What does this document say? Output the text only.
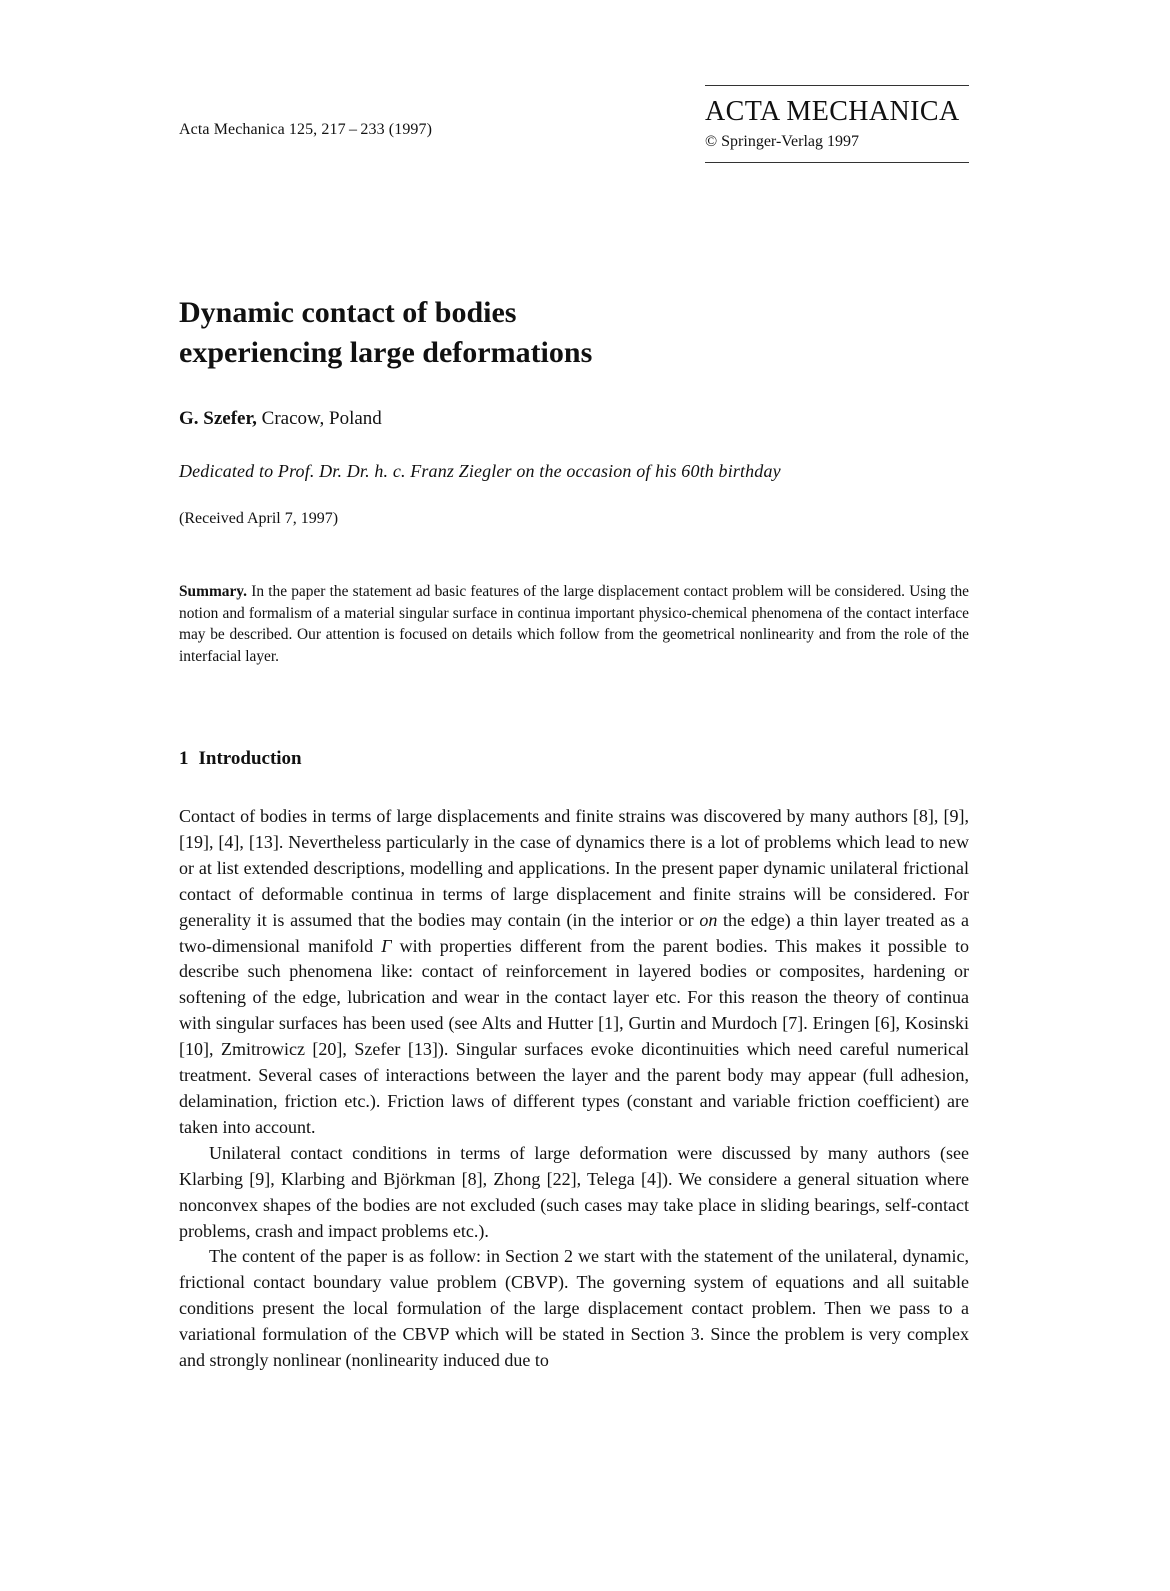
Acta Mechanica 125, 217 – 233 (1997)
ACTA MECHANICA
© Springer-Verlag 1997
Dynamic contact of bodies
experiencing large deformations
G. Szefer, Cracow, Poland
Dedicated to Prof. Dr. Dr. h. c. Franz Ziegler on the occasion of his 60th birthday
(Received April 7, 1997)

Summary. In the paper the statement ad basic features of the large displacement contact problem will be considered. Using the notion and formalism of a material singular surface in continua important physico-chemical phenomena of the contact interface may be described. Our attention is focused on details which follow from the geometrical nonlinearity and from the role of the interfacial layer.

1 Introduction

Contact of bodies in terms of large displacements and finite strains was discovered by many authors [8], [9], [19], [4], [13]. Nevertheless particularly in the case of dynamics there is a lot of problems which lead to new or at list extended descriptions, modelling and applications. In the present paper dynamic unilateral frictional contact of deformable continua in terms of large displacement and finite strains will be considered. For generality it is assumed that the bodies may contain (in the interior or on the edge) a thin layer treated as a two-dimensional manifold Γ with properties different from the parent bodies. This makes it possible to describe such phenomena like: contact of reinforcement in layered bodies or composites, hardening or softening of the edge, lubrication and wear in the contact layer etc. For this reason the theory of continua with singular surfaces has been used (see Alts and Hutter [1], Gurtin and Murdoch [7]. Eringen [6], Kosinski [10], Zmitrowicz [20], Szefer [13]). Singular surfaces evoke dicontinuities which need careful numerical treatment. Several cases of interactions between the layer and the parent body may appear (full adhesion, delamination, friction etc.). Friction laws of different types (constant and variable friction coefficient) are taken into account.

Unilateral contact conditions in terms of large deformation were discussed by many authors (see Klarbing [9], Klarbing and Björkman [8], Zhong [22], Telega [4]). We considere a general situation where nonconvex shapes of the bodies are not excluded (such cases may take place in sliding bearings, self-contact problems, crash and impact problems etc.).

The content of the paper is as follow: in Section 2 we start with the statement of the unilateral, dynamic, frictional contact boundary value problem (CBVP). The governing system of equations and all suitable conditions present the local formulation of the large displacement contact problem. Then we pass to a variational formulation of the CBVP which will be stated in Section 3. Since the problem is very complex and strongly nonlinear (nonlinearity induced due to
